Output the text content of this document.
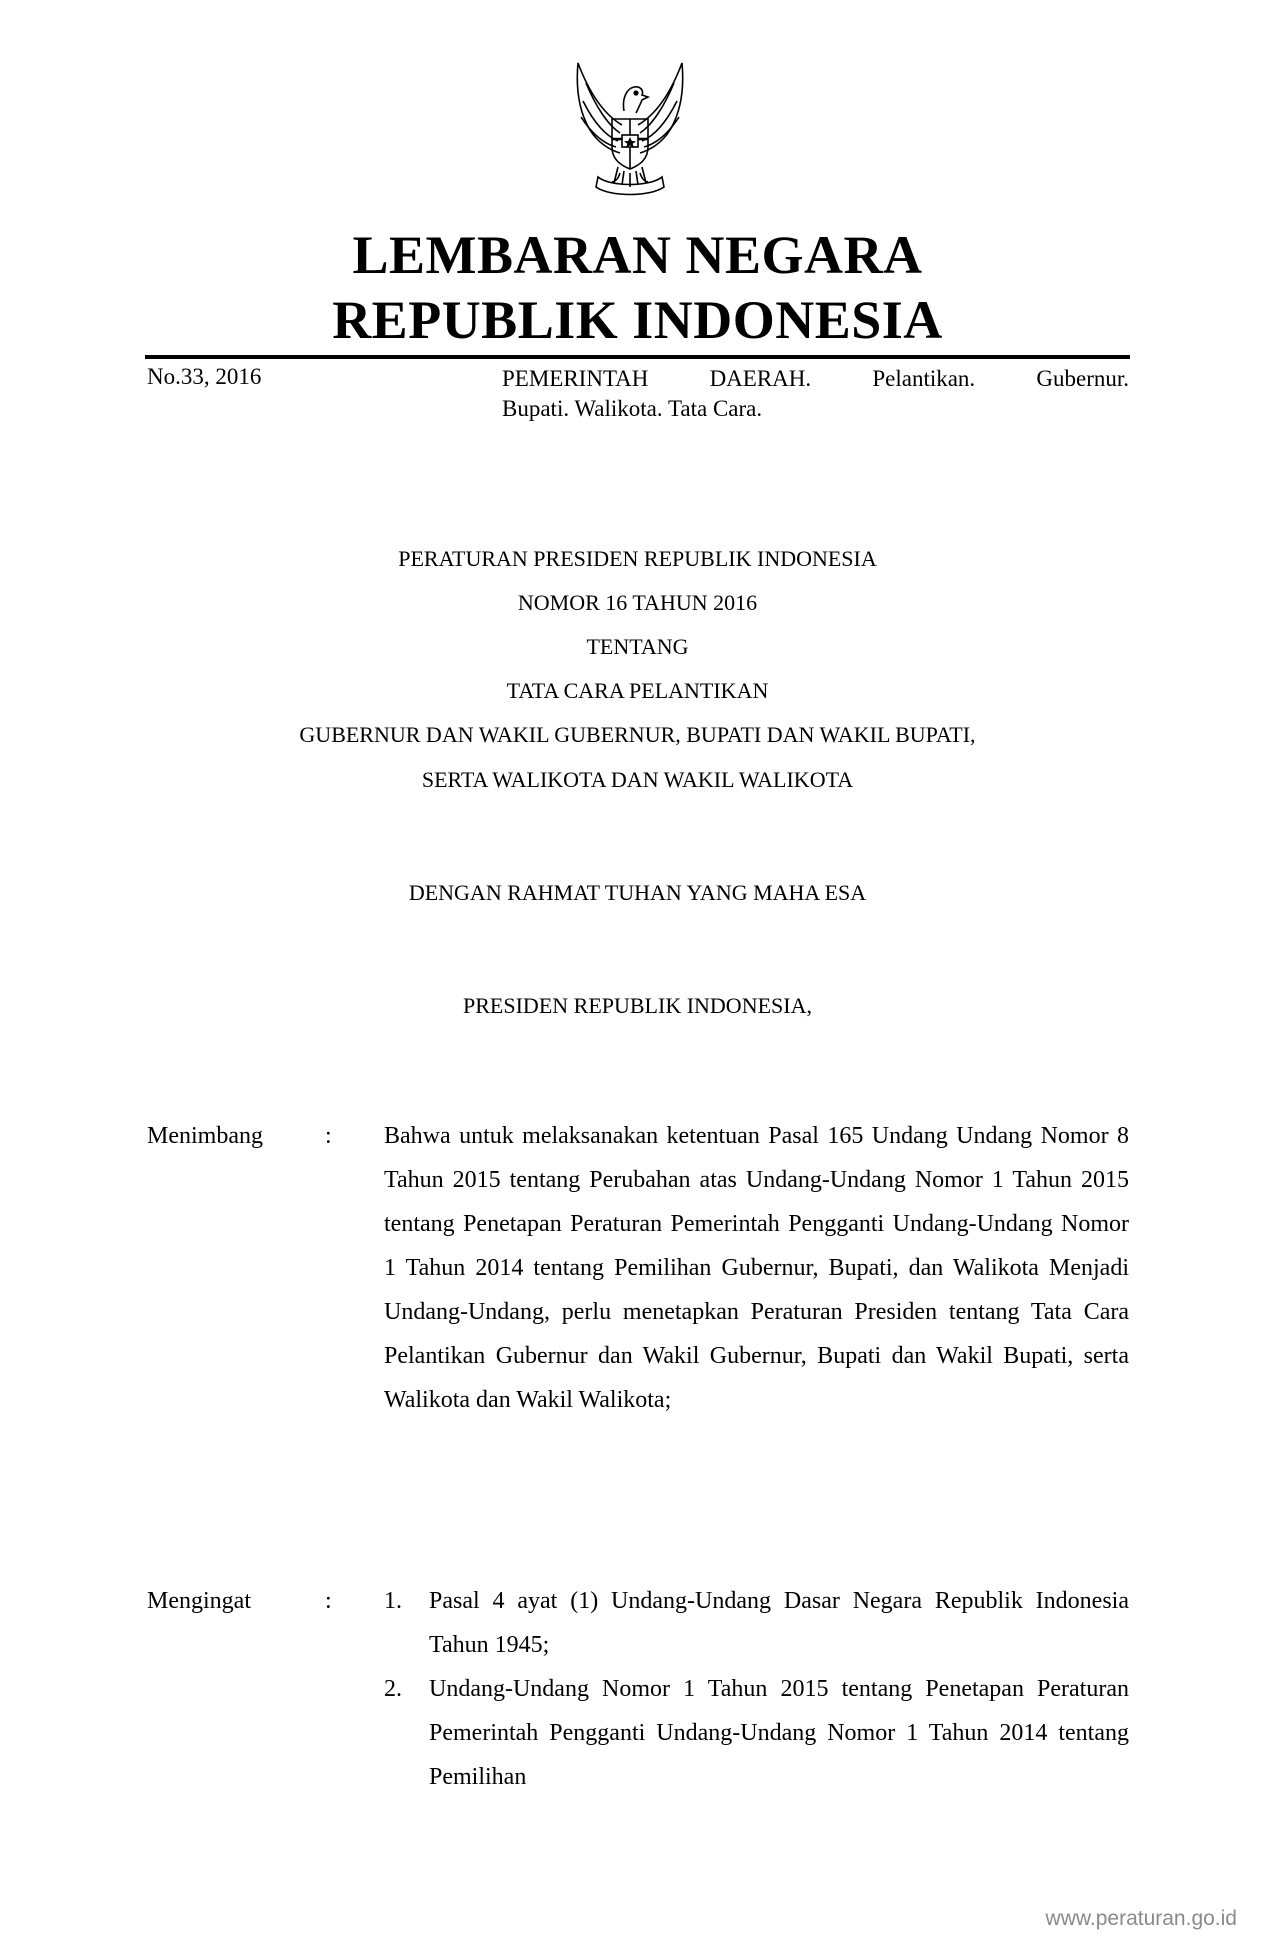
LEMBARAN NEGARA
REPUBLIK INDONESIA
No.33, 2016	PEMERINTAH DAERAH. Pelantikan. Gubernur.
Bupati. Walikota. Tata Cara.
PERATURAN PRESIDEN REPUBLIK INDONESIA
NOMOR 16 TAHUN 2016
TENTANG
TATA CARA PELANTIKAN
GUBERNUR DAN WAKIL GUBERNUR, BUPATI DAN WAKIL BUPATI,
SERTA WALIKOTA DAN WAKIL WALIKOTA
DENGAN RAHMAT TUHAN YANG MAHA ESA
PRESIDEN REPUBLIK INDONESIA,
Menimbang	: Bahwa untuk melaksanakan ketentuan Pasal 165 Undang Undang Nomor 8 Tahun 2015 tentang Perubahan atas Undang-Undang Nomor 1 Tahun 2015 tentang Penetapan Peraturan Pemerintah Pengganti Undang-Undang Nomor 1 Tahun 2014 tentang Pemilihan Gubernur, Bupati, dan Walikota Menjadi Undang-Undang, perlu menetapkan Peraturan Presiden tentang Tata Cara Pelantikan Gubernur dan Wakil Gubernur, Bupati dan Wakil Bupati, serta Walikota dan Wakil Walikota;
Mengingat	: 1. Pasal 4 ayat (1) Undang-Undang Dasar Negara Republik Indonesia Tahun 1945;
2. Undang-Undang Nomor 1 Tahun 2015 tentang Penetapan Peraturan Pemerintah Pengganti Undang-Undang Nomor 1 Tahun 2014 tentang Pemilihan
www.peraturan.go.id
